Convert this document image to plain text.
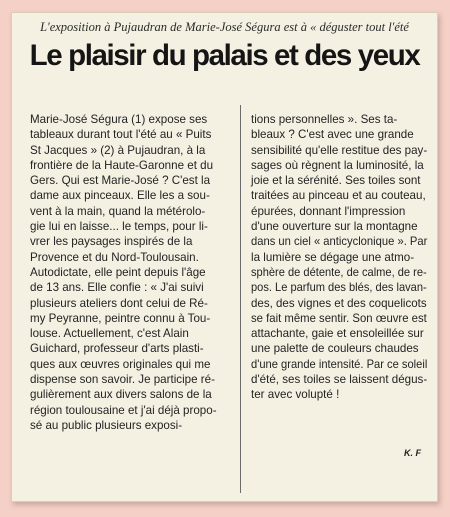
L'exposition à Pujaudran de Marie-José Ségura est à « déguster tout l'été
Le plaisir du palais et des yeux
Marie-José Ségura (1) expose ses
tableaux durant tout l'été au « Puits
St Jacques » (2) à Pujaudran, à la
frontière de la Haute-Garonne et du
Gers. Qui est Marie-José ? C'est la
dame aux pinceaux. Elle les a sou-
vent à la main, quand la métérolo-
gie lui en laisse... le temps, pour li-
vrer les paysages inspirés de la
Provence et du Nord-Toulousain.
Autodictate, elle peint depuis l'âge
de 13 ans. Elle confie : « J'ai suivi
plusieurs ateliers dont celui de Ré-
my Peyranne, peintre connu à Tou-
louse. Actuellement, c'est Alain
Guichard, professeur d'arts plasti-
ques aux œuvres originales qui me
dispense son savoir. Je participe ré-
gulièrement aux divers salons de la
région toulousaine et j'ai déjà propo-
sé au public plusieurs exposi-
tions personnelles ». Ses ta-
bleaux ? C'est avec une grande
sensibilité qu'elle restitue des pay-
sages où règnent la luminosité, la
joie et la sérénité. Ses toiles sont
traitées au pinceau et au couteau,
épurées, donnant l'impression
d'une ouverture sur la montagne
dans un ciel « anticyclonique ». Par
la lumière se dégage une atmo-
sphère de détente, de calme, de re-
pos. Le parfum des blés, des lavan-
des, des vignes et des coquelicots
se fait même sentir. Son œuvre est
attachante, gaie et ensoleillée sur
une palette de couleurs chaudes
d'une grande intensité. Par ce soleil
d'été, ses toiles se laissent dégus-
ter avec volupté !
K. F
